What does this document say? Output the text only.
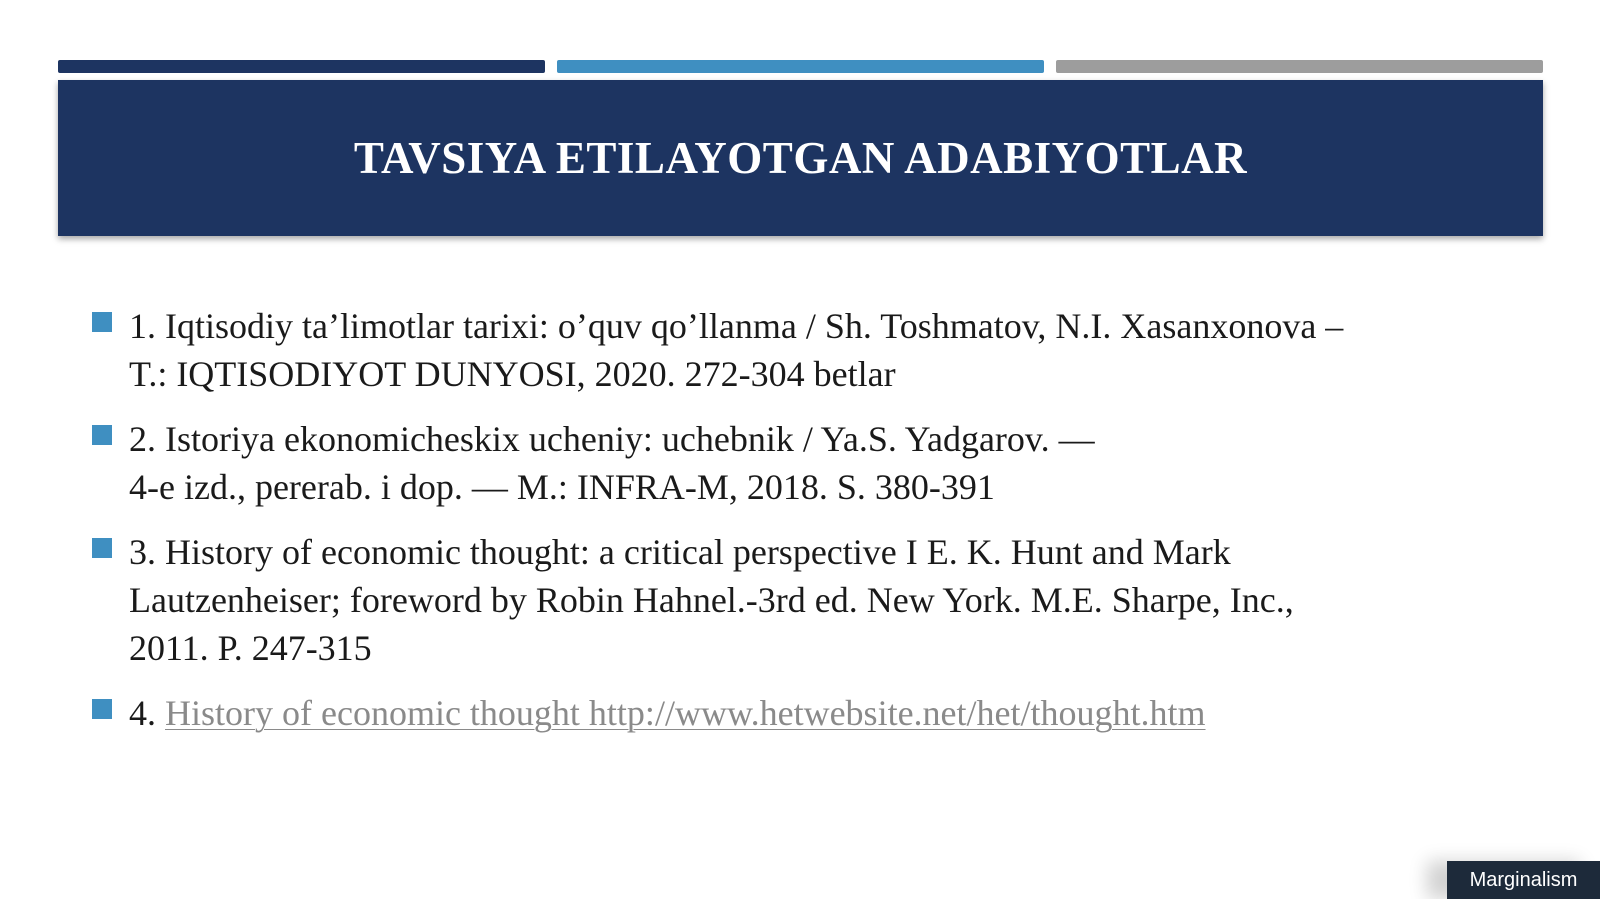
TAVSIYA ETILAYOTGAN ADABIYOTLAR
1. Iqtisodiy ta’limotlar tarixi: o’quv qo’llanma / Sh. Toshmatov, N.I. Xasanxonova –
T.: IQTISODIYOT DUNYOSI, 2020. 272-304 betlar
2. Istoriya ekonomicheskix ucheniy: uchebnik / Ya.S. Yadgarov. —
4-e izd., pererab. i dop. — M.: INFRA-M, 2018. S. 380-391
3. History of economic thought: a critical perspective I E. K. Hunt and Mark
Lautzenheiser; foreword by Robin Hahnel.-3rd ed. New York. M.E. Sharpe, Inc.,
2011. P. 247-315
4. History of economic thought http://www.hetwebsite.net/het/thought.htm
Marginalism
